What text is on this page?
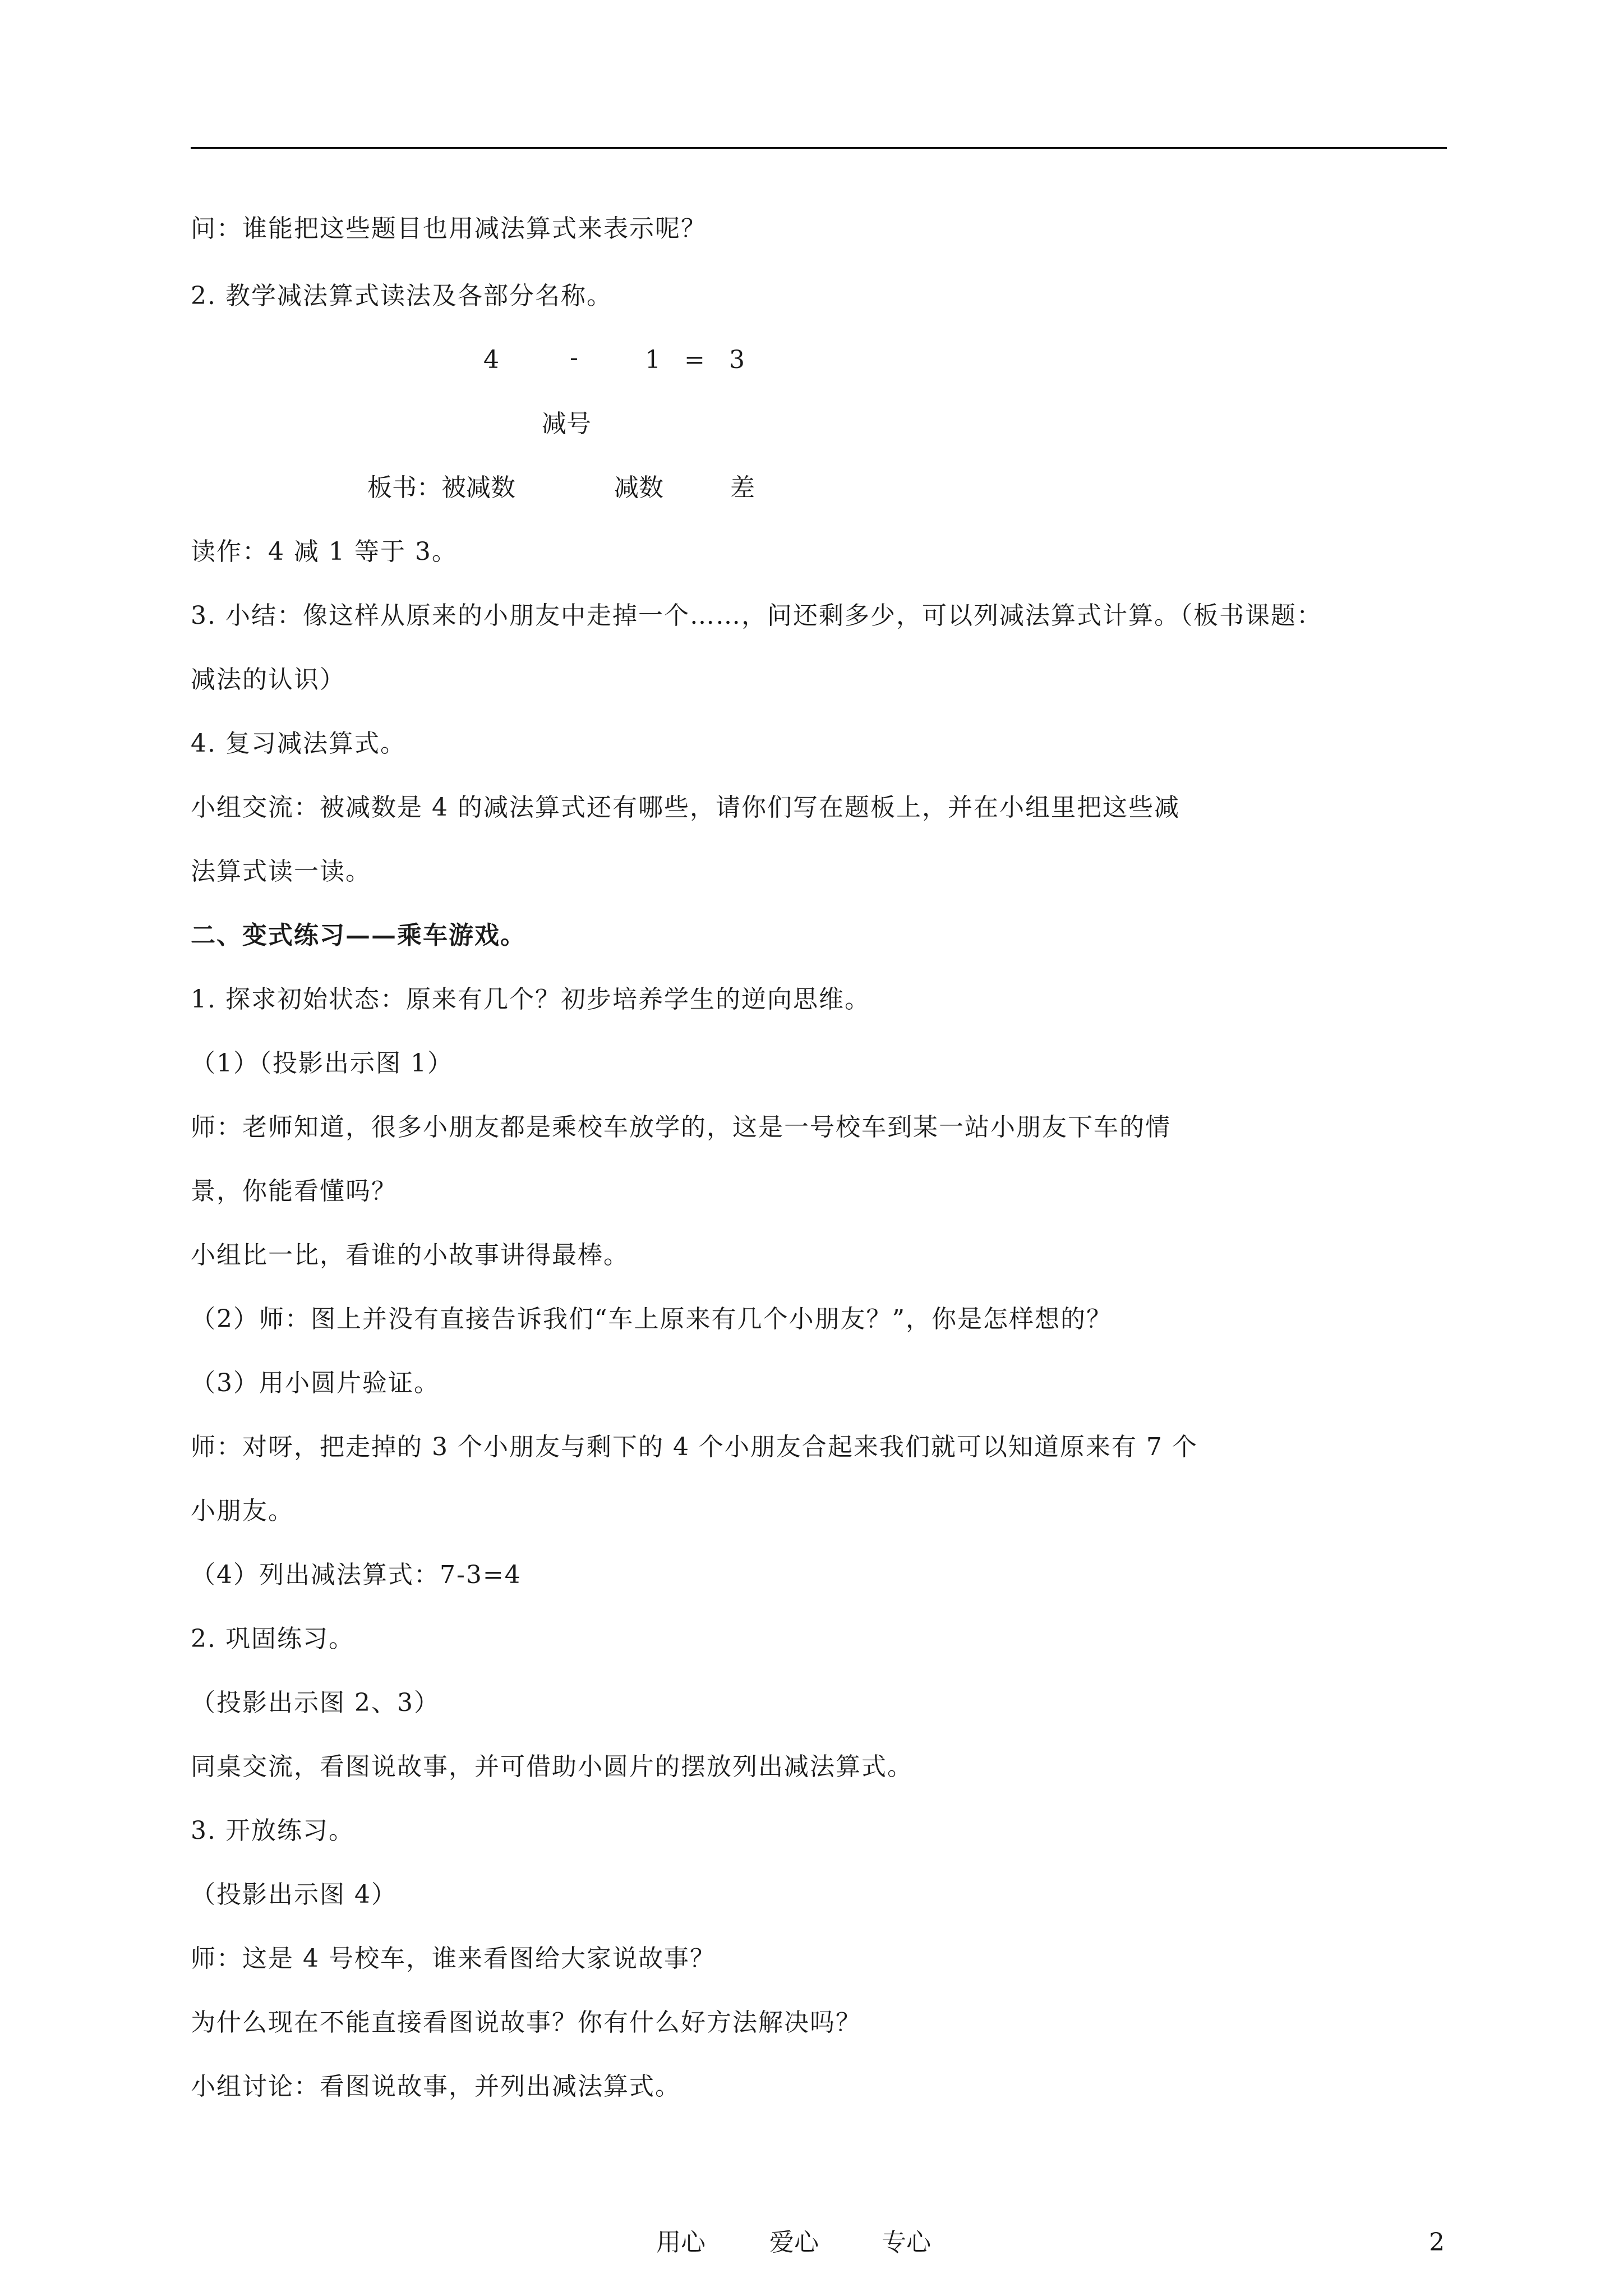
问：谁能把这些题目也用减法算式来表示呢？
2. 教学减法算式读法及各部分名称。
4	-	1 = 3
减号
板书：被减数	减数	差
读作：4 减 1 等于 3。
3. 小结：像这样从原来的小朋友中走掉一个……，问还剩多少，可以列减法算式计算。（板书课题：
减法的认识）
4. 复习减法算式。
小组交流：被减数是 4 的减法算式还有哪些，请你们写在题板上，并在小组里把这些减
法算式读一读。
二、变式练习——乘车游戏。
1. 探求初始状态：原来有几个？初步培养学生的逆向思维。
（1）（投影出示图 1）
师：老师知道，很多小朋友都是乘校车放学的，这是一号校车到某一站小朋友下车的情
景，你能看懂吗？
小组比一比，看谁的小故事讲得最棒。
（2）师：图上并没有直接告诉我们“车上原来有几个小朋友？”，你是怎样想的？
（3）用小圆片验证。
师：对呀，把走掉的 3 个小朋友与剩下的 4 个小朋友合起来我们就可以知道原来有 7 个
小朋友。
（4）列出减法算式：7-3=4
2. 巩固练习。
（投影出示图 2、3）
同桌交流，看图说故事，并可借助小圆片的摆放列出减法算式。
3. 开放练习。
（投影出示图 4）
师：这是 4 号校车，谁来看图给大家说故事？
为什么现在不能直接看图说故事？你有什么好方法解决吗？
小组讨论：看图说故事，并列出减法算式。
用心	爱心	专心	2
